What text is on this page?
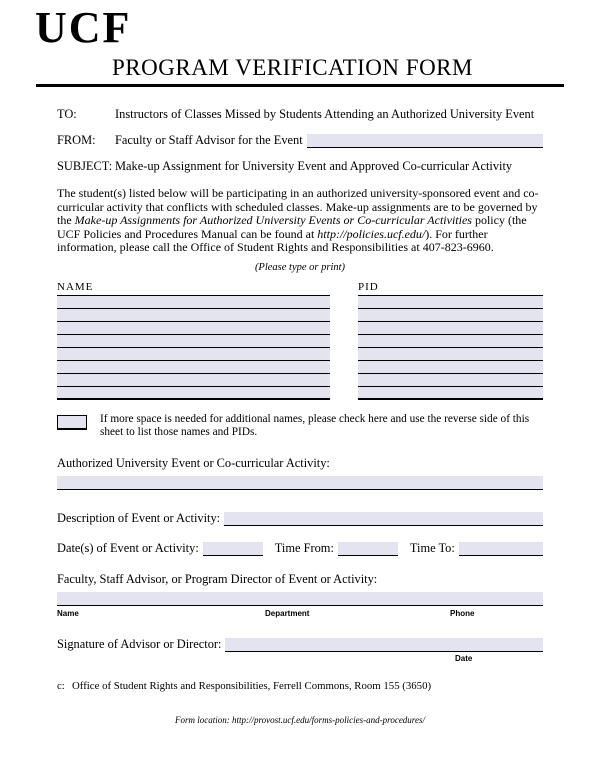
UCF
PROGRAM VERIFICATION FORM
TO:	Instructors of Classes Missed by Students Attending an Authorized University Event
FROM:	Faculty or Staff Advisor for the Event
SUBJECT: Make-up Assignment for University Event and Approved Co-curricular Activity

The student(s) listed below will be participating in an authorized university-sponsored event and co-curricular activity that conflicts with scheduled classes. Make-up assignments are to be governed by the Make-up Assignments for Authorized University Events or Co-curricular Activities policy (the UCF Policies and Procedures Manual can be found at http://policies.ucf.edu/). For further information, please call the Office of Student Rights and Responsibilities at 407-823-6960.

(Please type or print)
NAME	PID
If more space is needed for additional names, please check here and use the reverse side of this sheet to list those names and PIDs.
Authorized University Event or Co-curricular Activity:
Description of Event or Activity:
Date(s) of Event or Activity:	Time From:	Time To:
Faculty, Staff Advisor, or Program Director of Event or Activity:
Name	Department	Phone
Signature of Advisor or Director:
Date
c: Office of Student Rights and Responsibilities, Ferrell Commons, Room 155 (3650)
Form location: http://provost.ucf.edu/forms-policies-and-procedures/
